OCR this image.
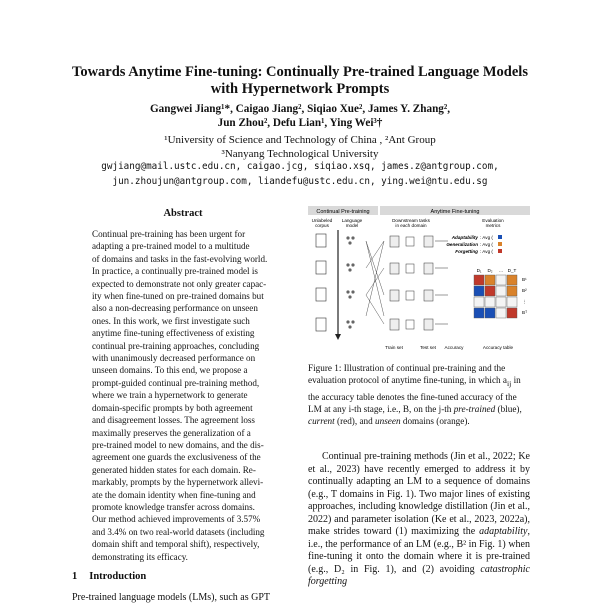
Towards Anytime Fine-tuning: Continually Pre-trained Language Models
with Hypernetwork Prompts
Gangwei Jiang¹*, Caigao Jiang², Siqiao Xue², James Y. Zhang²,
Jun Zhou², Defu Lian¹, Ying Wei³†
¹University of Science and Technology of China , ²Ant Group
³Nanyang Technological University
gwjiang@mail.ustc.edu.cn, caigao.jcg, siqiao.xsq, james.z@antgroup.com,
jun.zhoujun@antgroup.com, liandefu@ustc.edu.cn, ying.wei@ntu.edu.sg
Abstract
Continual pre-training has been urgent for
adapting a pre-trained model to a multitude
of domains and tasks in the fast-evolving world.
In practice, a continually pre-trained model is
expected to demonstrate not only greater capac-
ity when fine-tuned on pre-trained domains but
also a non-decreasing performance on unseen
ones. In this work, we first investigate such
anytime fine-tuning effectiveness of existing
continual pre-training approaches, concluding
with unanimously decreased performance on
unseen domains. To this end, we propose a
prompt-guided continual pre-training method,
where we train a hypernetwork to generate
domain-specific prompts by both agreement
and disagreement losses. The agreement loss
maximally preserves the generalization of a
pre-trained model to new domains, and the dis-
agreement one guards the exclusiveness of the
generated hidden states for each domain. Re-
markably, prompts by the hypernetwork allevi-
ate the domain identity when fine-tuning and
promote knowledge transfer across domains.
Our method achieved improvements of 3.57%
and 3.4% on two real-world datasets (including
domain shift and temporal shift), respectively,
demonstrating its efficacy.
1 Introduction
Pre-trained language models (LMs), such as GPT
Continual Pre-training	Anytime Fine-tuning
Unlabeled
corpus
Language
model
Downstream tasks
in each domain
Evaluation
metrics
Adaptability : Avg (
Generalization : Avg (
Forgetting : Avg (
Train set	Test set Accuracy	Accuracy table
D₁ D₂ ... D_T
B¹
B²
⋮
Bᵀ
Figure 1: Illustration of continual pre-training and the evaluation protocol of anytime fine-tuning, in which $a_{ij}$ in the accuracy table denotes the fine-tuned accuracy of the LM at any i-th stage, i.e., B, on the j-th pre-trained (blue), current (red), and unseen domains (orange).
Continual pre-training methods (Jin et al., 2022; Ke et al., 2023) have recently emerged to address it by continually adapting an LM to a sequence of domains (e.g., T domains in Fig. 1). Two major lines of existing approaches, including knowledge distillation (Jin et al., 2022) and parameter isolation (Ke et al., 2023, 2022a), make strides toward (1) maximizing the adaptability, i.e., the performance of an LM (e.g., B² in Fig. 1) when fine-tuning it onto the domain where it is pre-trained (e.g., D₂ in Fig. 1), and (2) avoiding catastrophic forgetting
